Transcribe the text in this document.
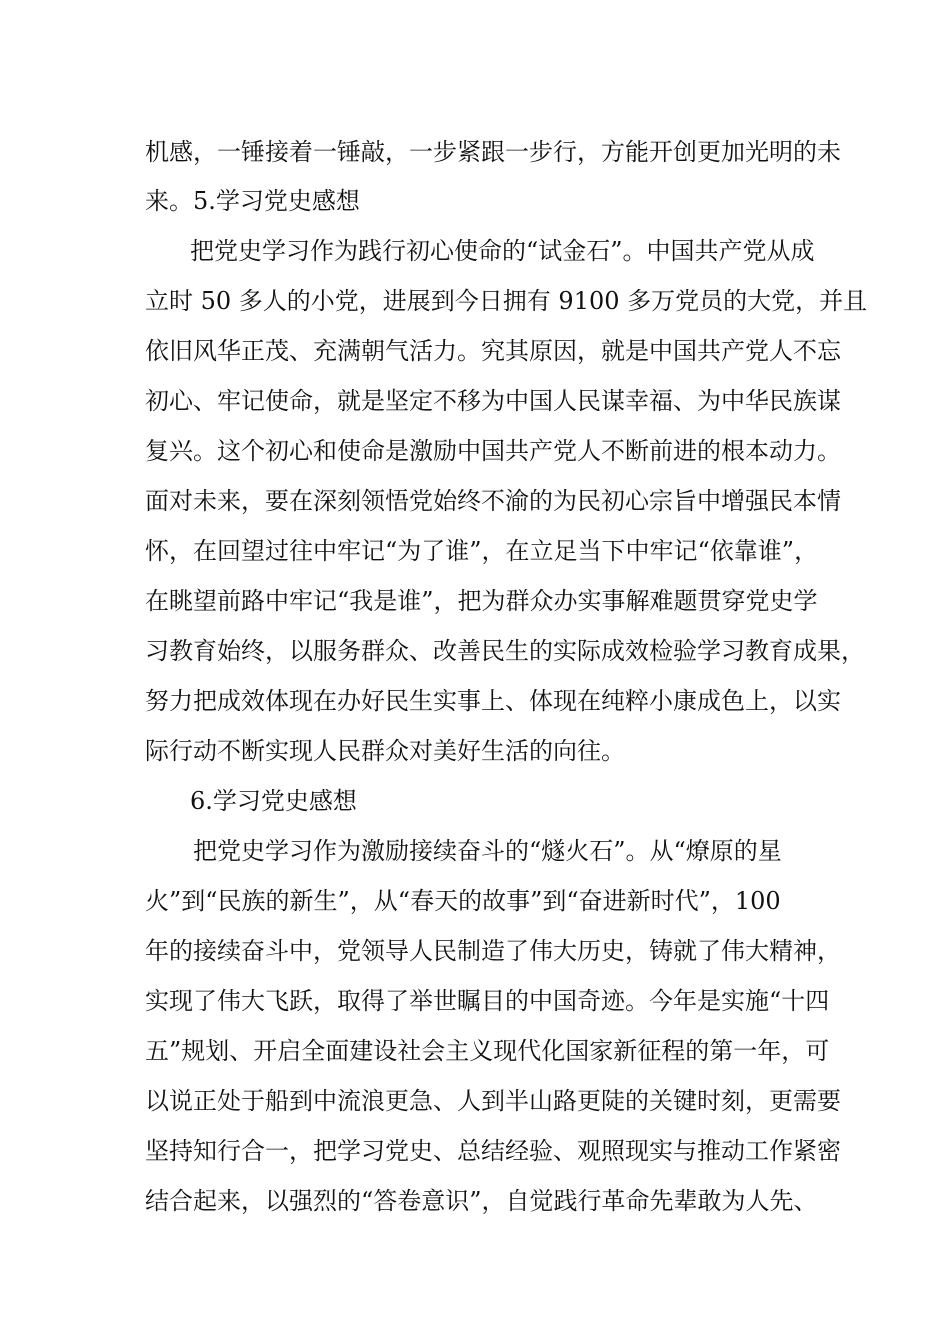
机感，一锤接着一锤敲，一步紧跟一步行，方能开创更加光明的未
来。5.学习党史感想
把党史学习作为践行初心使命的“试金石”。中国共产党从成
立时 50 多人的小党，进展到今日拥有 9100 多万党员的大党，并且
依旧风华正茂、充满朝气活力。究其原因，就是中国共产党人不忘
初心、牢记使命，就是坚定不移为中国人民谋幸福、为中华民族谋
复兴。这个初心和使命是激励中国共产党人不断前进的根本动力。
面对未来，要在深刻领悟党始终不渝的为民初心宗旨中增强民本情
怀，在回望过往中牢记“为了谁”，在立足当下中牢记“依靠谁”，
在眺望前路中牢记“我是谁”，把为群众办实事解难题贯穿党史学
习教育始终，以服务群众、改善民生的实际成效检验学习教育成果，
努力把成效体现在办好民生实事上、体现在纯粹小康成色上，以实
际行动不断实现人民群众对美好生活的向往。
6.学习党史感想
把党史学习作为激励接续奋斗的“燧火石”。从“燎原的星
火”到“民族的新生”，从“春天的故事”到“奋进新时代”，100
年的接续奋斗中，党领导人民制造了伟大历史，铸就了伟大精神，
实现了伟大飞跃，取得了举世瞩目的中国奇迹。今年是实施“十四
五”规划、开启全面建设社会主义现代化国家新征程的第一年，可
以说正处于船到中流浪更急、人到半山路更陡的关键时刻，更需要
坚持知行合一，把学习党史、总结经验、观照现实与推动工作紧密
结合起来，以强烈的“答卷意识”，自觉践行革命先辈敢为人先、
